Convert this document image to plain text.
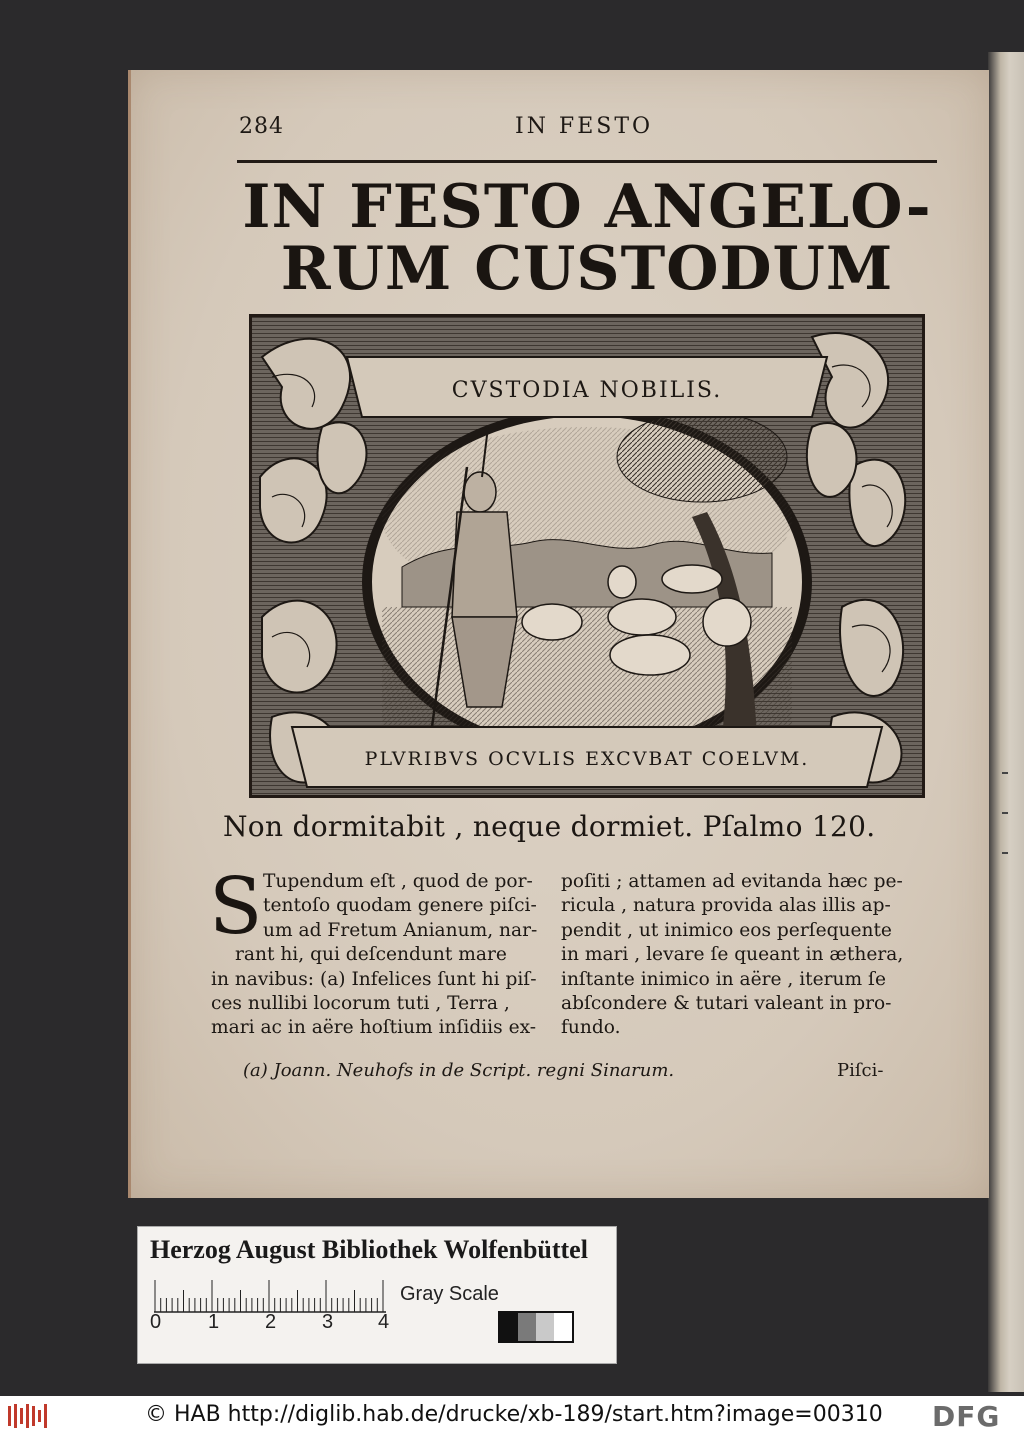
284	IN FESTO
IN FESTO ANGELO-
RUM CUSTODUM
CVSTODIA NOBILIS.
PLVRIBVS OCVLIS EXCVBAT COELVM.
Non dormitabit , neque dormiet. Pſalmo 120.
S Tupendum eſt , quod de por-
tentoſo quodam genere piſci-
um ad Fretum Anianum, nar-
rant hi, qui deſcendunt mare
in navibus: (a) Infelices ſunt hi piſ-
ces nullibi locorum tuti , Terra ,
mari ac in aëre hoſtium inſidiis ex-
poſiti ; attamen ad evitanda hæc pe-
ricula , natura provida alas illis ap-
pendit , ut inimico eos perſequente
in mari , levare ſe queant in æthera,
inſtante inimico in aëre , iterum ſe
abſcondere & tutari valeant in pro-
fundo.
(a) Joann. Neuhofs in de Script. regni Sinarum.	Piſci-
Herzog August Bibliothek Wolfenbüttel
0 1 2 3 4
Gray Scale
© HAB http://diglib.hab.de/drucke/xb-189/start.htm?image=00310 DFG
